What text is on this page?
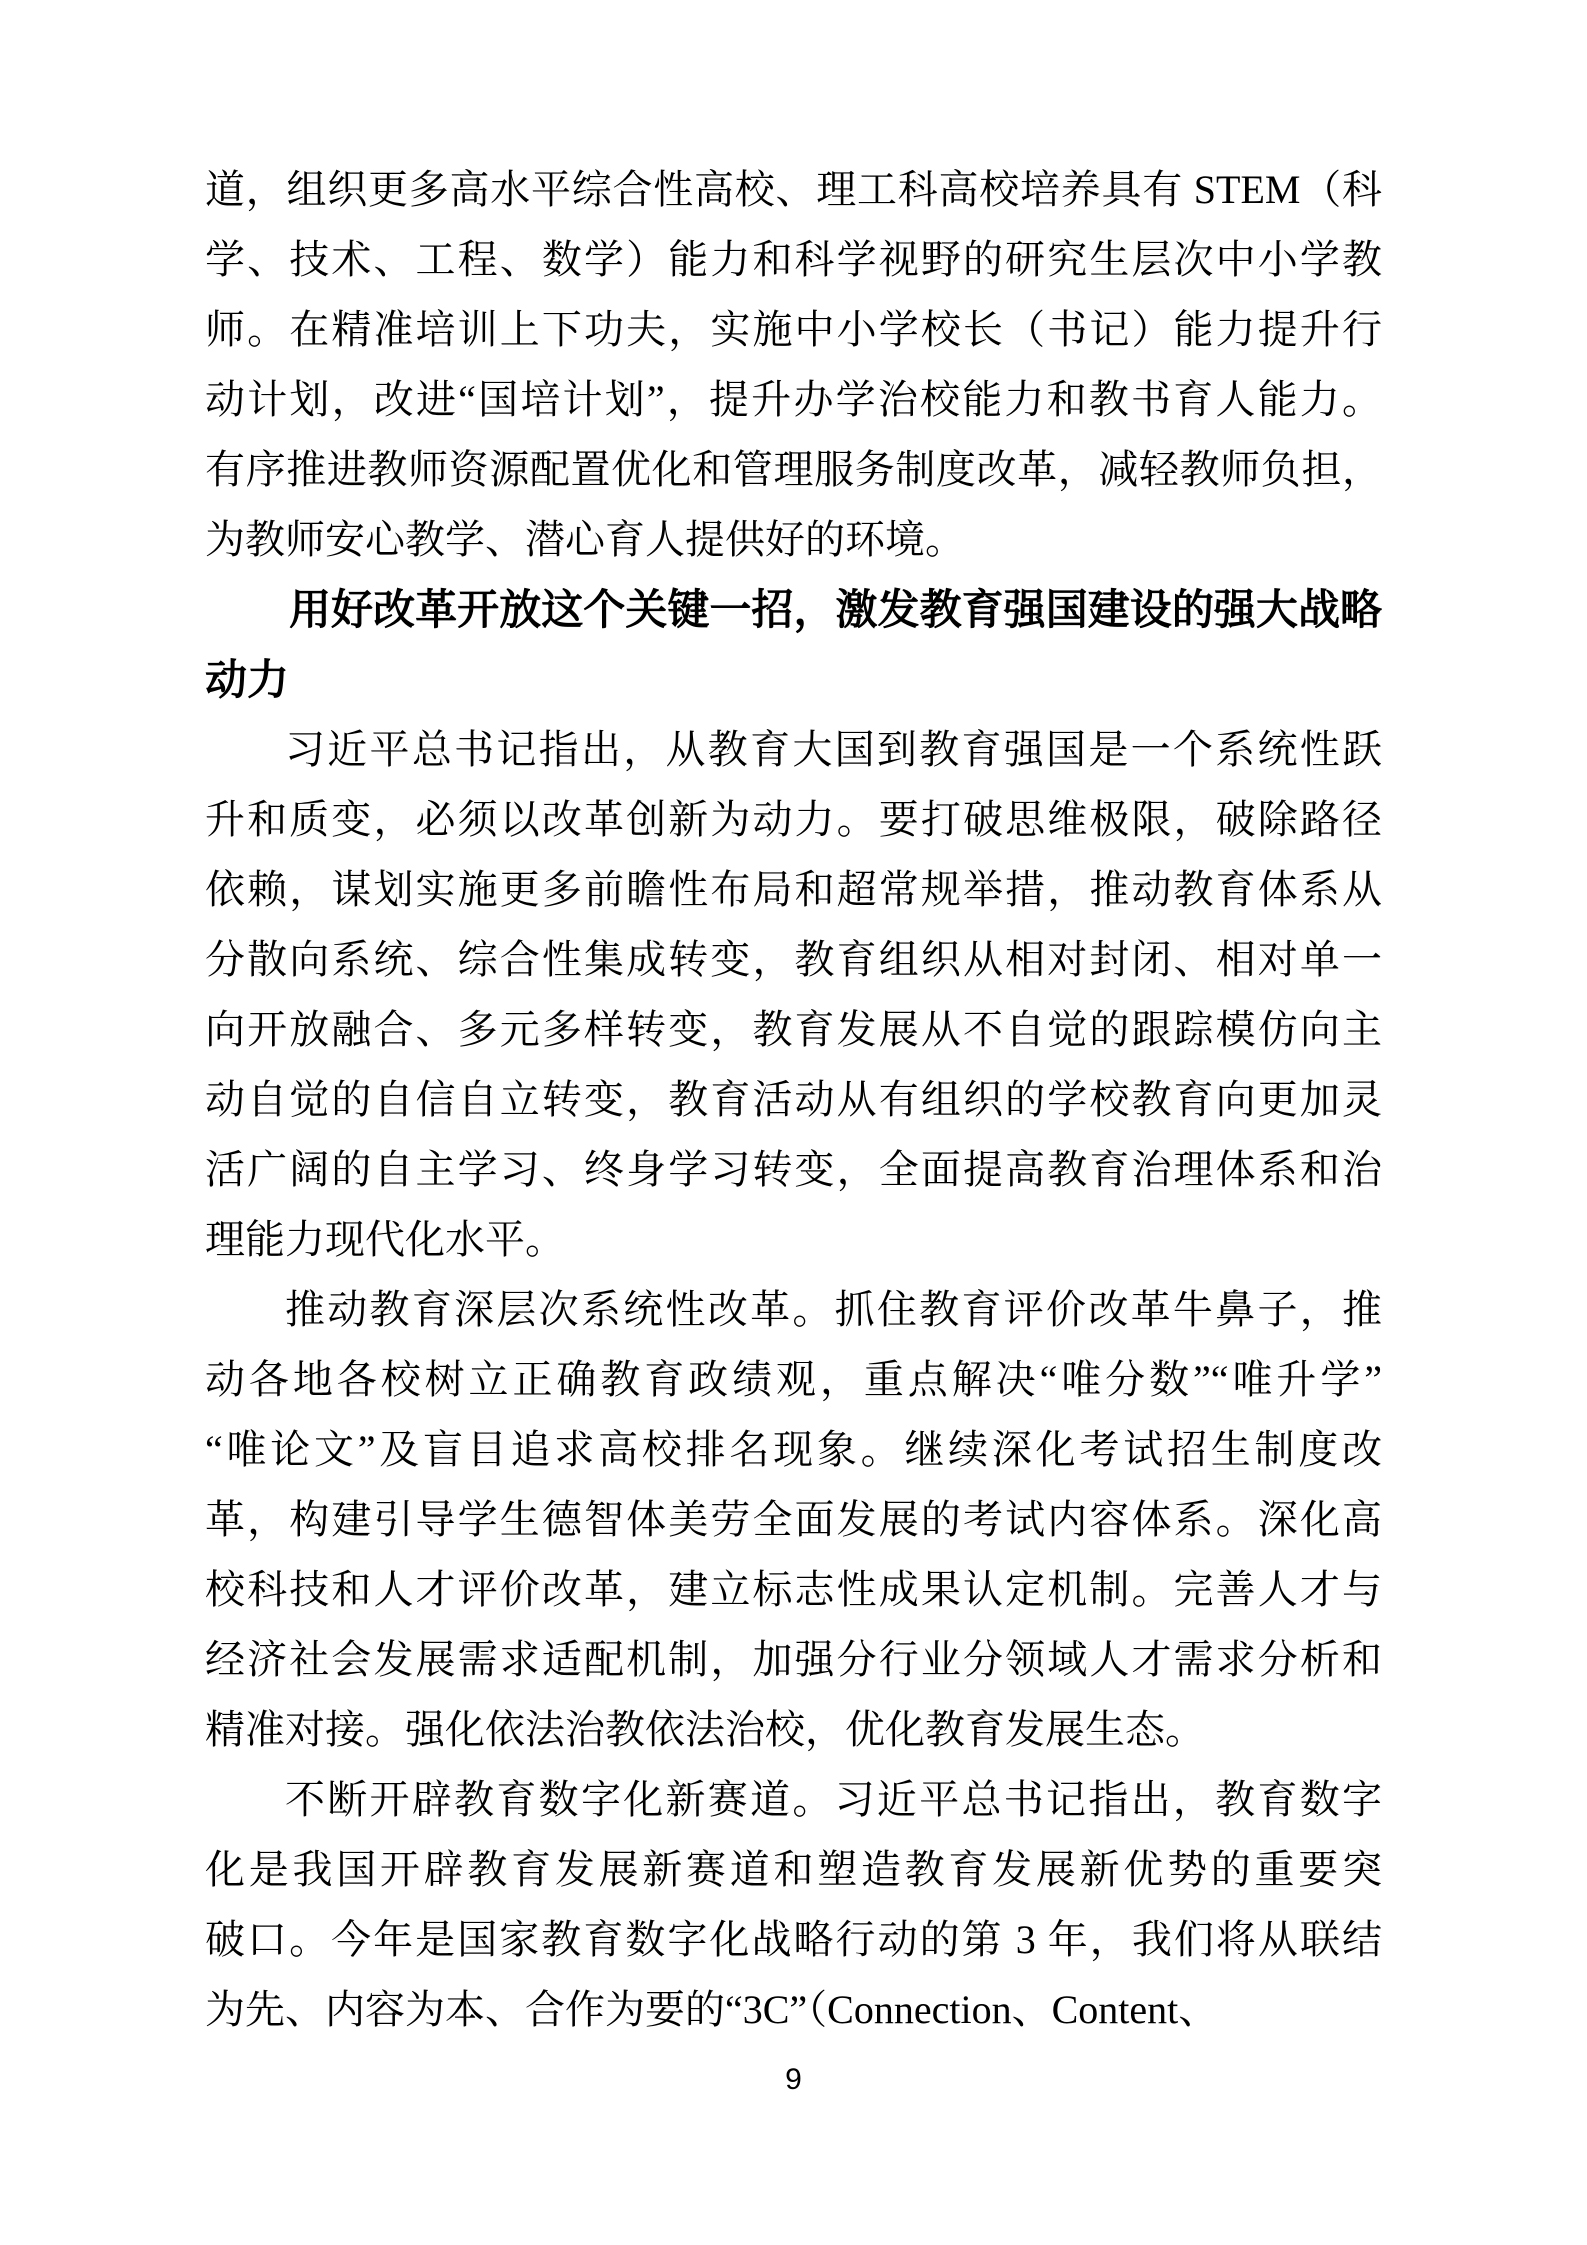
道，组织更多高水平综合性高校、理工科高校培养具有 STEM（科
学、技术、工程、数学）能力和科学视野的研究生层次中小学教
师。在精准培训上下功夫，实施中小学校长（书记）能力提升行
动计划，改进“国培计划”，提升办学治校能力和教书育人能力。
有序推进教师资源配置优化和管理服务制度改革，减轻教师负担，
为教师安心教学、潜心育人提供好的环境。
用好改革开放这个关键一招，激发教育强国建设的强大战略
动力
习近平总书记指出，从教育大国到教育强国是一个系统性跃
升和质变，必须以改革创新为动力。要打破思维极限，破除路径
依赖，谋划实施更多前瞻性布局和超常规举措，推动教育体系从
分散向系统、综合性集成转变，教育组织从相对封闭、相对单一
向开放融合、多元多样转变，教育发展从不自觉的跟踪模仿向主
动自觉的自信自立转变，教育活动从有组织的学校教育向更加灵
活广阔的自主学习、终身学习转变，全面提高教育治理体系和治
理能力现代化水平。
推动教育深层次系统性改革。抓住教育评价改革牛鼻子，推
动各地各校树立正确教育政绩观，重点解决“唯分数”“唯升学”
“唯论文”及盲目追求高校排名现象。继续深化考试招生制度改
革，构建引导学生德智体美劳全面发展的考试内容体系。深化高
校科技和人才评价改革，建立标志性成果认定机制。完善人才与
经济社会发展需求适配机制，加强分行业分领域人才需求分析和
精准对接。强化依法治教依法治校，优化教育发展生态。
不断开辟教育数字化新赛道。习近平总书记指出，教育数字
化是我国开辟教育发展新赛道和塑造教育发展新优势的重要突
破口。今年是国家教育数字化战略行动的第 3 年，我们将从联结
为先、内容为本、合作为要的“3C”（Connection、Content、
9
